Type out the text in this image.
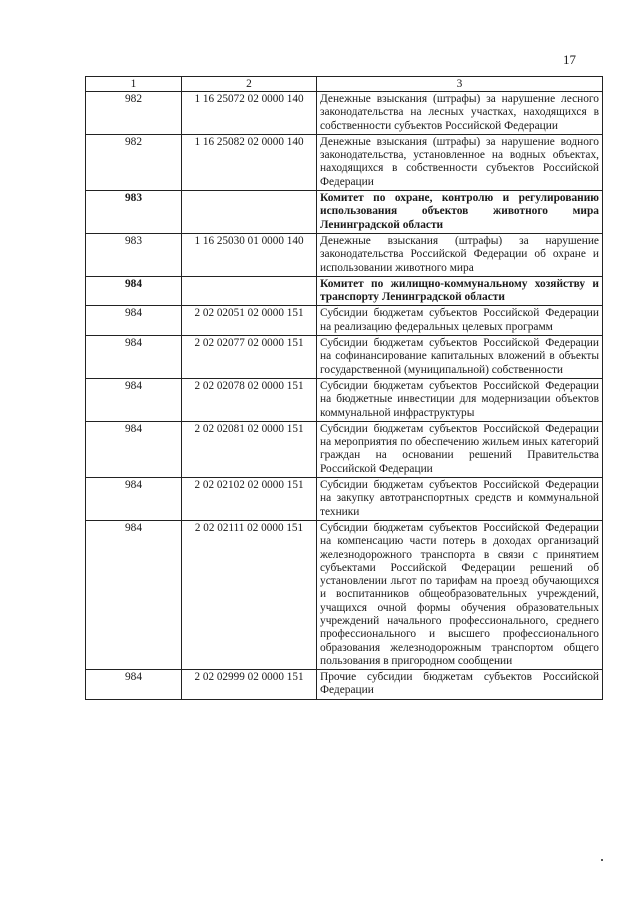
17
1	2	3
982	1 16 25072 02 0000 140	Денежные взыскания (штрафы) за нарушение лесного законодательства на лесных участках, находящихся в собственности субъектов Российской Федерации
982	1 16 25082 02 0000 140	Денежные взыскания (штрафы) за нарушение водного законодательства, установленное на водных объектах, находящихся в собственности субъектов Российской Федерации
983		Комитет по охране, контролю и регулированию использования объектов животного мира Ленинградской области
983	1 16 25030 01 0000 140	Денежные взыскания (штрафы) за нарушение законодательства Российской Федерации об охране и использовании животного мира
984		Комитет по жилищно-коммунальному хозяйству и транспорту Ленинградской области
984	2 02 02051 02 0000 151	Субсидии бюджетам субъектов Российской Федерации на реализацию федеральных целевых программ
984	2 02 02077 02 0000 151	Субсидии бюджетам субъектов Российской Федерации на софинансирование капитальных вложений в объекты государственной (муниципальной) собственности
984	2 02 02078 02 0000 151	Субсидии бюджетам субъектов Российской Федерации на бюджетные инвестиции для модернизации объектов коммунальной инфраструктуры
984	2 02 02081 02 0000 151	Субсидии бюджетам субъектов Российской Федерации на мероприятия по обеспечению жильем иных категорий граждан на основании решений Правительства Российской Федерации
984	2 02 02102 02 0000 151	Субсидии бюджетам субъектов Российской Федерации на закупку автотранспортных средств и коммунальной техники
984	2 02 02111 02 0000 151	Субсидии бюджетам субъектов Российской Федерации на компенсацию части потерь в доходах организаций железнодорожного транспорта в связи с принятием субъектами Российской Федерации решений об установлении льгот по тарифам на проезд обучающихся и воспитанников общеобразовательных учреждений, учащихся очной формы обучения образовательных учреждений начального профессионального, среднего профессионального и высшего профессионального образования железнодорожным транспортом общего пользования в пригородном сообщении
984	2 02 02999 02 0000 151	Прочие субсидии бюджетам субъектов Российской Федерации
